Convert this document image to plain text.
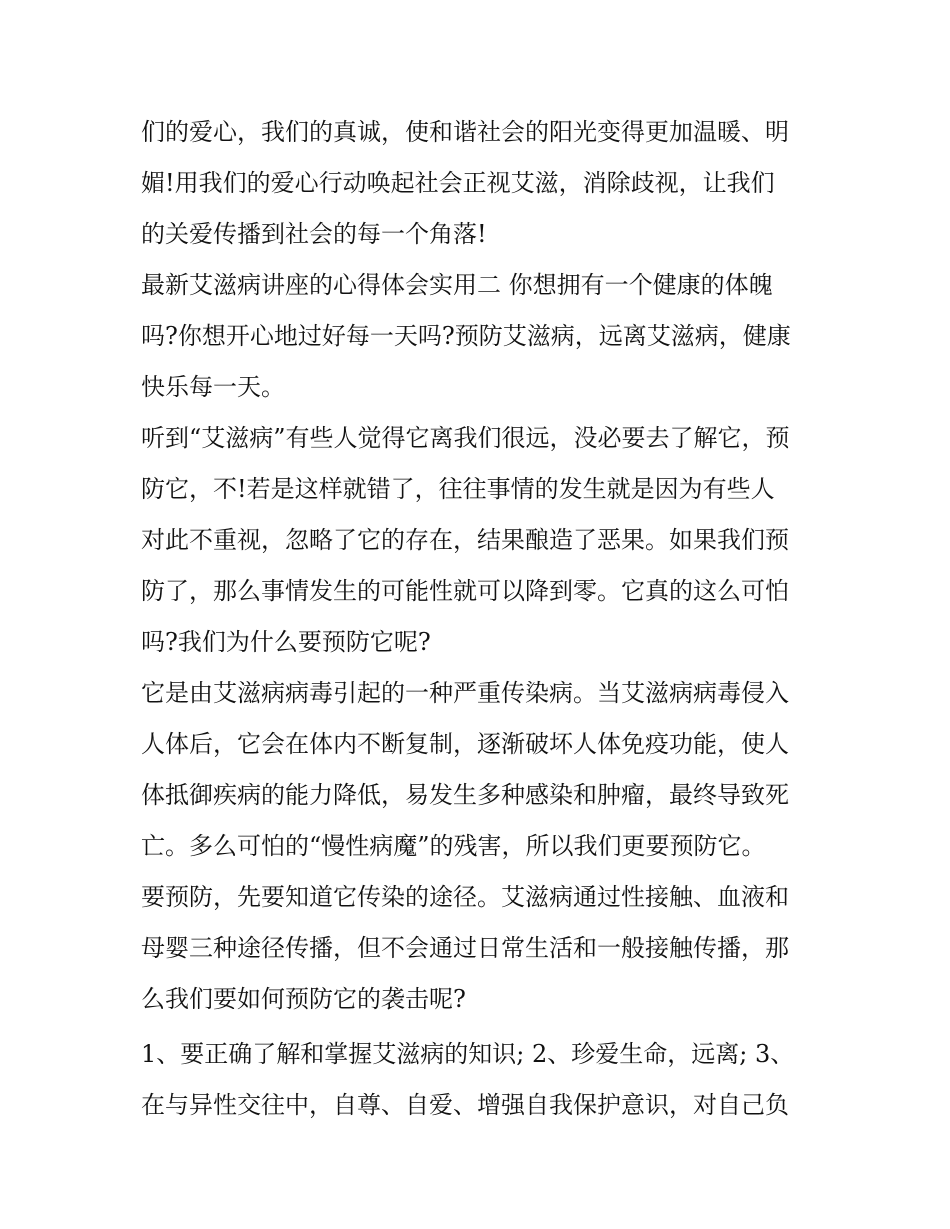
们的爱心，我们的真诚，使和谐社会的阳光变得更加温暖、明
媚!用我们的爱心行动唤起社会正视艾滋，消除歧视，让我们
的关爱传播到社会的每一个角落!
最新艾滋病讲座的心得体会实用二 你想拥有一个健康的体魄
吗?你想开心地过好每一天吗?预防艾滋病，远离艾滋病，健康
快乐每一天。
听到“艾滋病”有些人觉得它离我们很远，没必要去了解它，预
防它，不!若是这样就错了，往往事情的发生就是因为有些人
对此不重视，忽略了它的存在，结果酿造了恶果。如果我们预
防了，那么事情发生的可能性就可以降到零。它真的这么可怕
吗?我们为什么要预防它呢?
它是由艾滋病病毒引起的一种严重传染病。当艾滋病病毒侵入
人体后，它会在体内不断复制，逐渐破坏人体免疫功能，使人
体抵御疾病的能力降低，易发生多种感染和肿瘤，最终导致死
亡。多么可怕的“慢性病魔”的残害，所以我们更要预防它。
要预防，先要知道它传染的途径。艾滋病通过性接触、血液和
母婴三种途径传播，但不会通过日常生活和一般接触传播，那
么我们要如何预防它的袭击呢?
1、要正确了解和掌握艾滋病的知识; 2、珍爱生命，远离; 3、
在与异性交往中，自尊、自爱、增强自我保护意识，对自己负
